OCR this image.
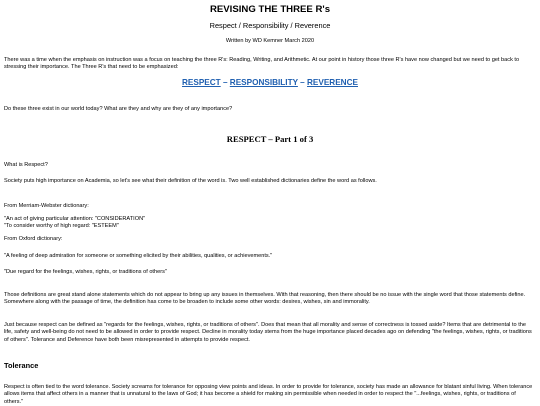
REVISING THE THREE R's
Respect / Responsibility / Reverence
Written by WD Kemner March 2020

There was a time when the emphasis on instruction was a focus on teaching the three R's: Reading, Writing, and Arithmetic. At our point in history those three R's have now changed but we need to get back to stressing their importance. The Three R's that need to be emphasized:

RESPECT – RESPONSIBILITY – REVERENCE

Do these three exist in our world today? What are they and why are they of any importance?

RESPECT – Part 1 of 3

What is Respect?

Society puts high importance on Academia, so let's see what their definition of the word is. Two well established dictionaries define the word as follows.

From Merriam-Webster dictionary:

"An act of giving particular attention: "CONSIDERATION"

"To consider worthy of high regard: "ESTEEM"

From Oxford dictionary:

"A feeling of deep admiration for someone or something elicited by their abilities, qualities, or achievements."

"Due regard for the feelings, wishes, rights, or traditions of others"

Those definitions are great stand alone statements which do not appear to bring up any issues in themselves. With that reasoning, then there should be no issue with the single word that those statements define. Somewhere along with the passage of time, the definition has come to be broaden to include some other words: desires, wishes, sin and immorality.

Just because respect can be defined as "regards for the feelings, wishes, rights, or traditions of others". Does that mean that all morality and sense of correctness is tossed aside? Items that are detrimental to the life, safety and well-being do not need to be allowed in order to provide respect. Decline in morality today stems from the huge importance placed decades ago on defending "the feelings, wishes, rights, or traditions of others". Tolerance and Deference have both been misrepresented in attempts to provide respect.

Tolerance

Respect is often tied to the word tolerance. Society screams for tolerance for opposing view points and ideas. In order to provide for tolerance, society has made an allowance for blatant sinful living. When tolerance allows items that affect others in a manner that is unnatural to the laws of God; it has become a shield for making sin permissible when needed in order to respect the "...feelings, wishes, rights, or traditions of others."
